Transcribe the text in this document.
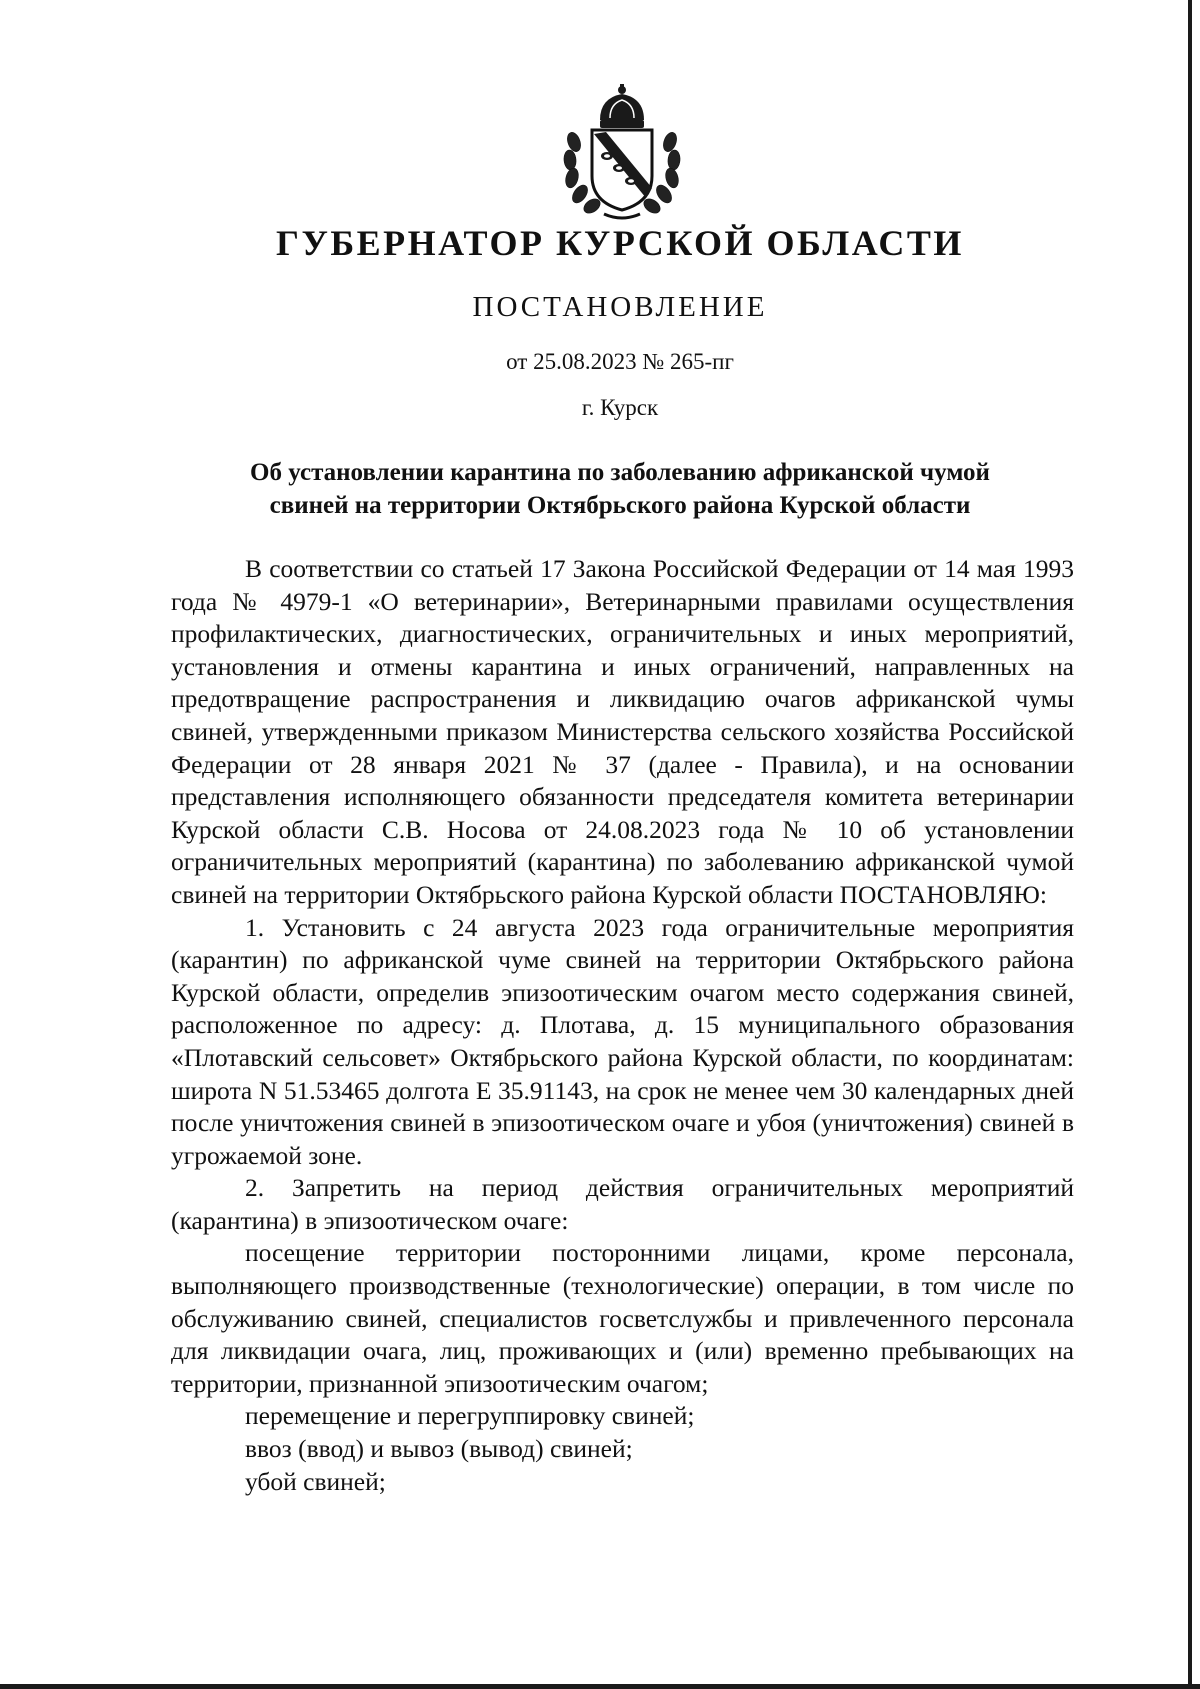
ГУБЕРНАТОР КУРСКОЙ ОБЛАСТИ
ПОСТАНОВЛЕНИЕ
от 25.08.2023 № 265-пг
г. Курск
Об установлении карантина по заболеванию африканской чумой
свиней на территории Октябрьского района Курской области

В соответствии со статьей 17 Закона Российской Федерации от 14 мая 1993 года № 4979-1 «О ветеринарии», Ветеринарными правилами осуществления профилактических, диагностических, ограничительных и иных мероприятий, установления и отмены карантина и иных ограничений, направленных на предотвращение распространения и ликвидацию очагов африканской чумы свиней, утвержденными приказом Министерства сельского хозяйства Российской Федерации от 28 января 2021 № 37 (далее - Правила), и на основании представления исполняющего обязанности председателя комитета ветеринарии Курской области С.В. Носова от 24.08.2023 года № 10 об установлении ограничительных мероприятий (карантина) по заболеванию африканской чумой свиней на территории Октябрьского района Курской области ПОСТАНОВЛЯЮ:

1. Установить с 24 августа 2023 года ограничительные мероприятия (карантин) по африканской чуме свиней на территории Октябрьского района Курской области, определив эпизоотическим очагом место содержания свиней, расположенное по адресу: д. Плотава, д. 15 муниципального образования «Плотавский сельсовет» Октябрьского района Курской области, по координатам: широта N 51.53465 долгота E 35.91143, на срок не менее чем 30 календарных дней после уничтожения свиней в эпизоотическом очаге и убоя (уничтожения) свиней в угрожаемой зоне.

2. Запретить на период действия ограничительных мероприятий (карантина) в эпизоотическом очаге:

посещение территории посторонними лицами, кроме персонала, выполняющего производственные (технологические) операции, в том числе по обслуживанию свиней, специалистов госветслужбы и привлеченного персонала для ликвидации очага, лиц, проживающих и (или) временно пребывающих на территории, признанной эпизоотическим очагом;

перемещение и перегруппировку свиней;

ввоз (ввод) и вывоз (вывод) свиней;

убой свиней;
